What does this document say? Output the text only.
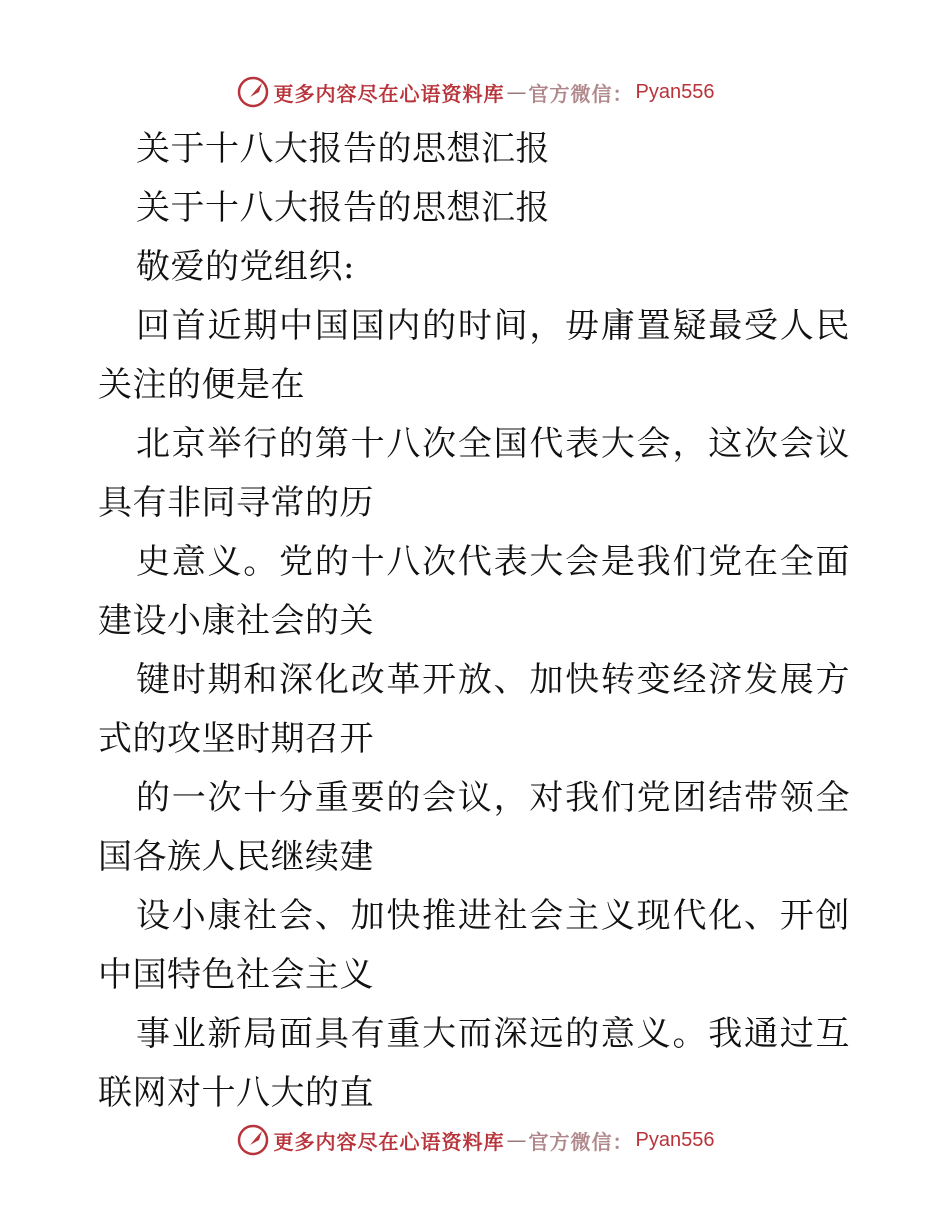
更多内容尽在心语资料库 — 官方微信： Pyan556

关于十八大报告的思想汇报

关于十八大报告的思想汇报

敬爱的党组织:

回首近期中国国内的时间，毋庸置疑最受人民关注的便是在

北京举行的第十八次全国代表大会，这次会议具有非同寻常的历

史意义。党的十八次代表大会是我们党在全面建设小康社会的关

键时期和深化改革开放、加快转变经济发展方式的攻坚时期召开

的一次十分重要的会议，对我们党团结带领全国各族人民继续建

设小康社会、加快推进社会主义现代化、开创中国特色社会主义

事业新局面具有重大而深远的意义。我通过互联网对十八大的直

更多内容尽在心语资料库 — 官方微信： Pyan556
